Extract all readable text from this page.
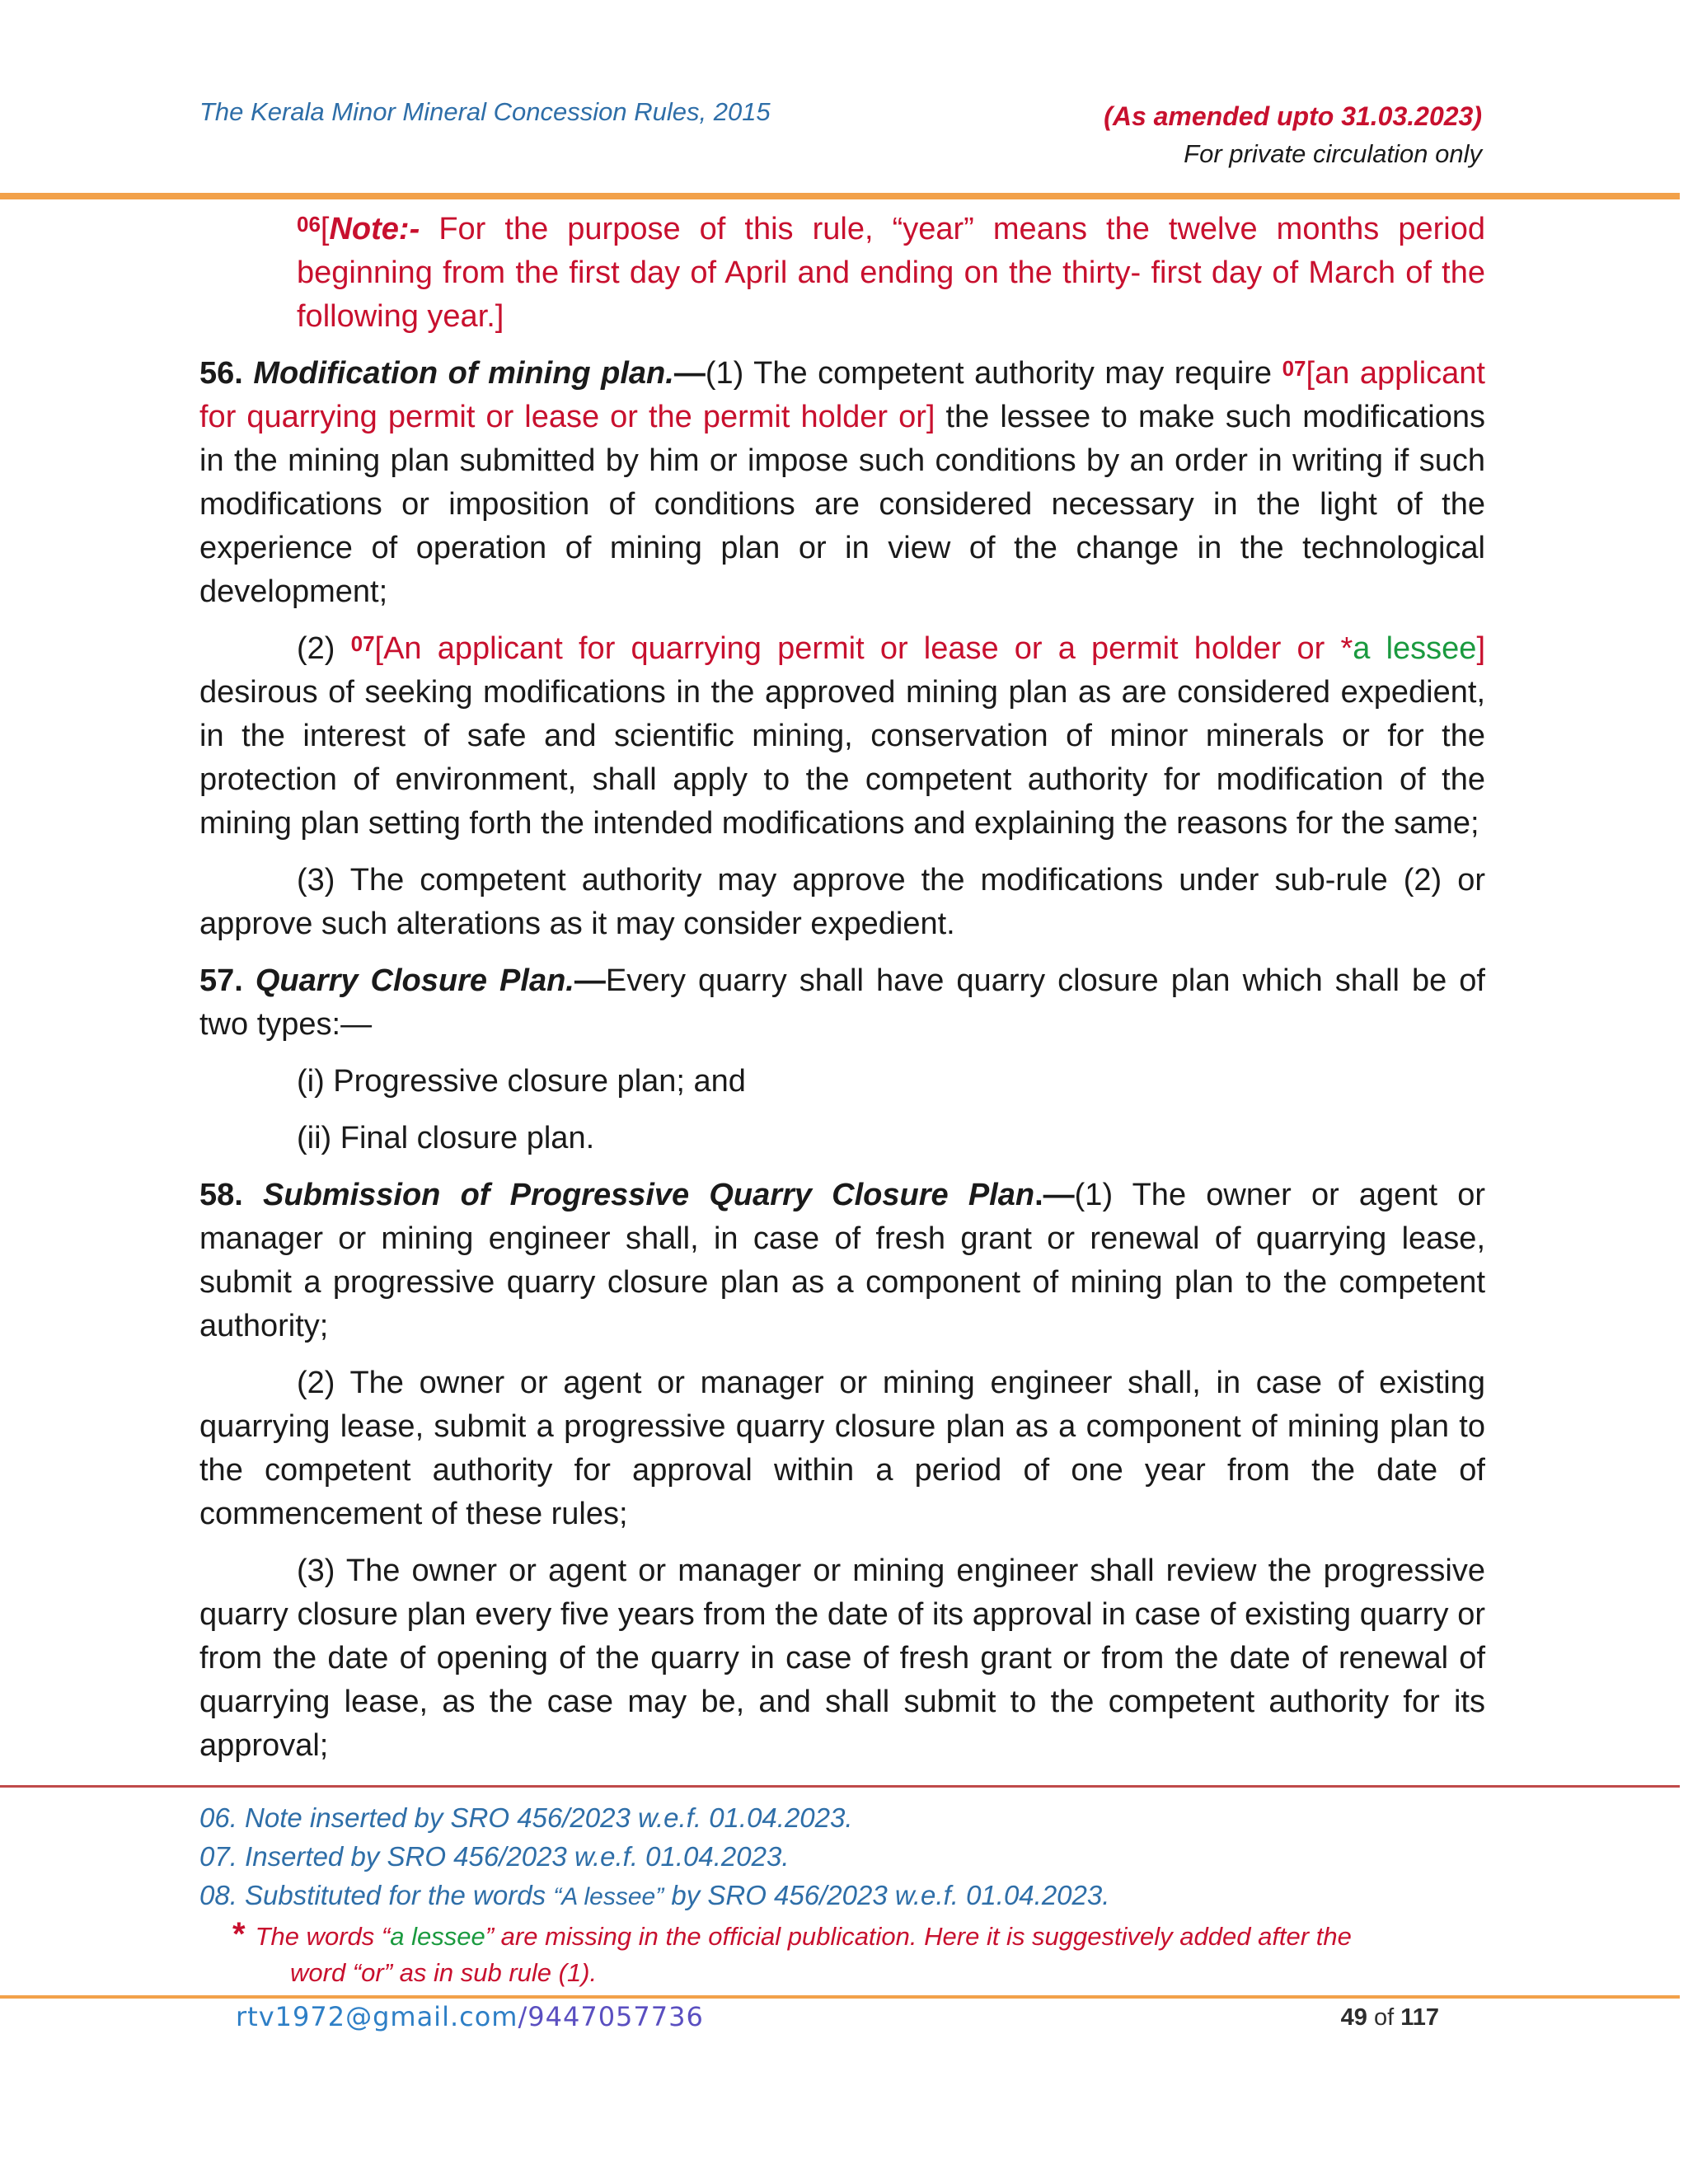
The Kerala Minor Mineral Concession Rules, 2015	(As amended upto 31.03.2023)
For private circulation only

$^{06}$[Note:- For the purpose of this rule, “year” means the twelve months period beginning from the first day of April and ending on the thirty- first day of March of the following year.]

56. Modification of mining plan.—(1) The competent authority may require $^{07}$[an applicant for quarrying permit or lease or the permit holder or] the lessee to make such modifications in the mining plan submitted by him or impose such conditions by an order in writing if such modifications or imposition of conditions are considered necessary in the light of the experience of operation of mining plan or in view of the change in the technological development;

(2) $^{07}$[An applicant for quarrying permit or lease or a permit holder or *a lessee] desirous of seeking modifications in the approved mining plan as are considered expedient, in the interest of safe and scientific mining, conservation of minor minerals or for the protection of environment, shall apply to the competent authority for modification of the mining plan setting forth the intended modifications and explaining the reasons for the same;

(3) The competent authority may approve the modifications under sub-rule (2) or approve such alterations as it may consider expedient.

57. Quarry Closure Plan.—Every quarry shall have quarry closure plan which shall be of two types:—

(i) Progressive closure plan; and

(ii) Final closure plan.

58. Submission of Progressive Quarry Closure Plan.—(1) The owner or agent or manager or mining engineer shall, in case of fresh grant or renewal of quarrying lease, submit a progressive quarry closure plan as a component of mining plan to the competent authority;

(2) The owner or agent or manager or mining engineer shall, in case of existing quarrying lease, submit a progressive quarry closure plan as a component of mining plan to the competent authority for approval within a period of one year from the date of commencement of these rules;

(3) The owner or agent or manager or mining engineer shall review the progressive quarry closure plan every five years from the date of its approval in case of existing quarry or from the date of opening of the quarry in case of fresh grant or from the date of renewal of quarrying lease, as the case may be, and shall submit to the competent authority for its approval;

06. Note inserted by SRO 456/2023 w.e.f. 01.04.2023.
07. Inserted by SRO 456/2023 w.e.f. 01.04.2023.
08. Substituted for the words “A lessee” by SRO 456/2023 w.e.f. 01.04.2023.
* The words “a lessee” are missing in the official publication. Here it is suggestively added after the
word “or” as in sub rule (1).
rtv1972@gmail.com/9447057736	49 of 117
